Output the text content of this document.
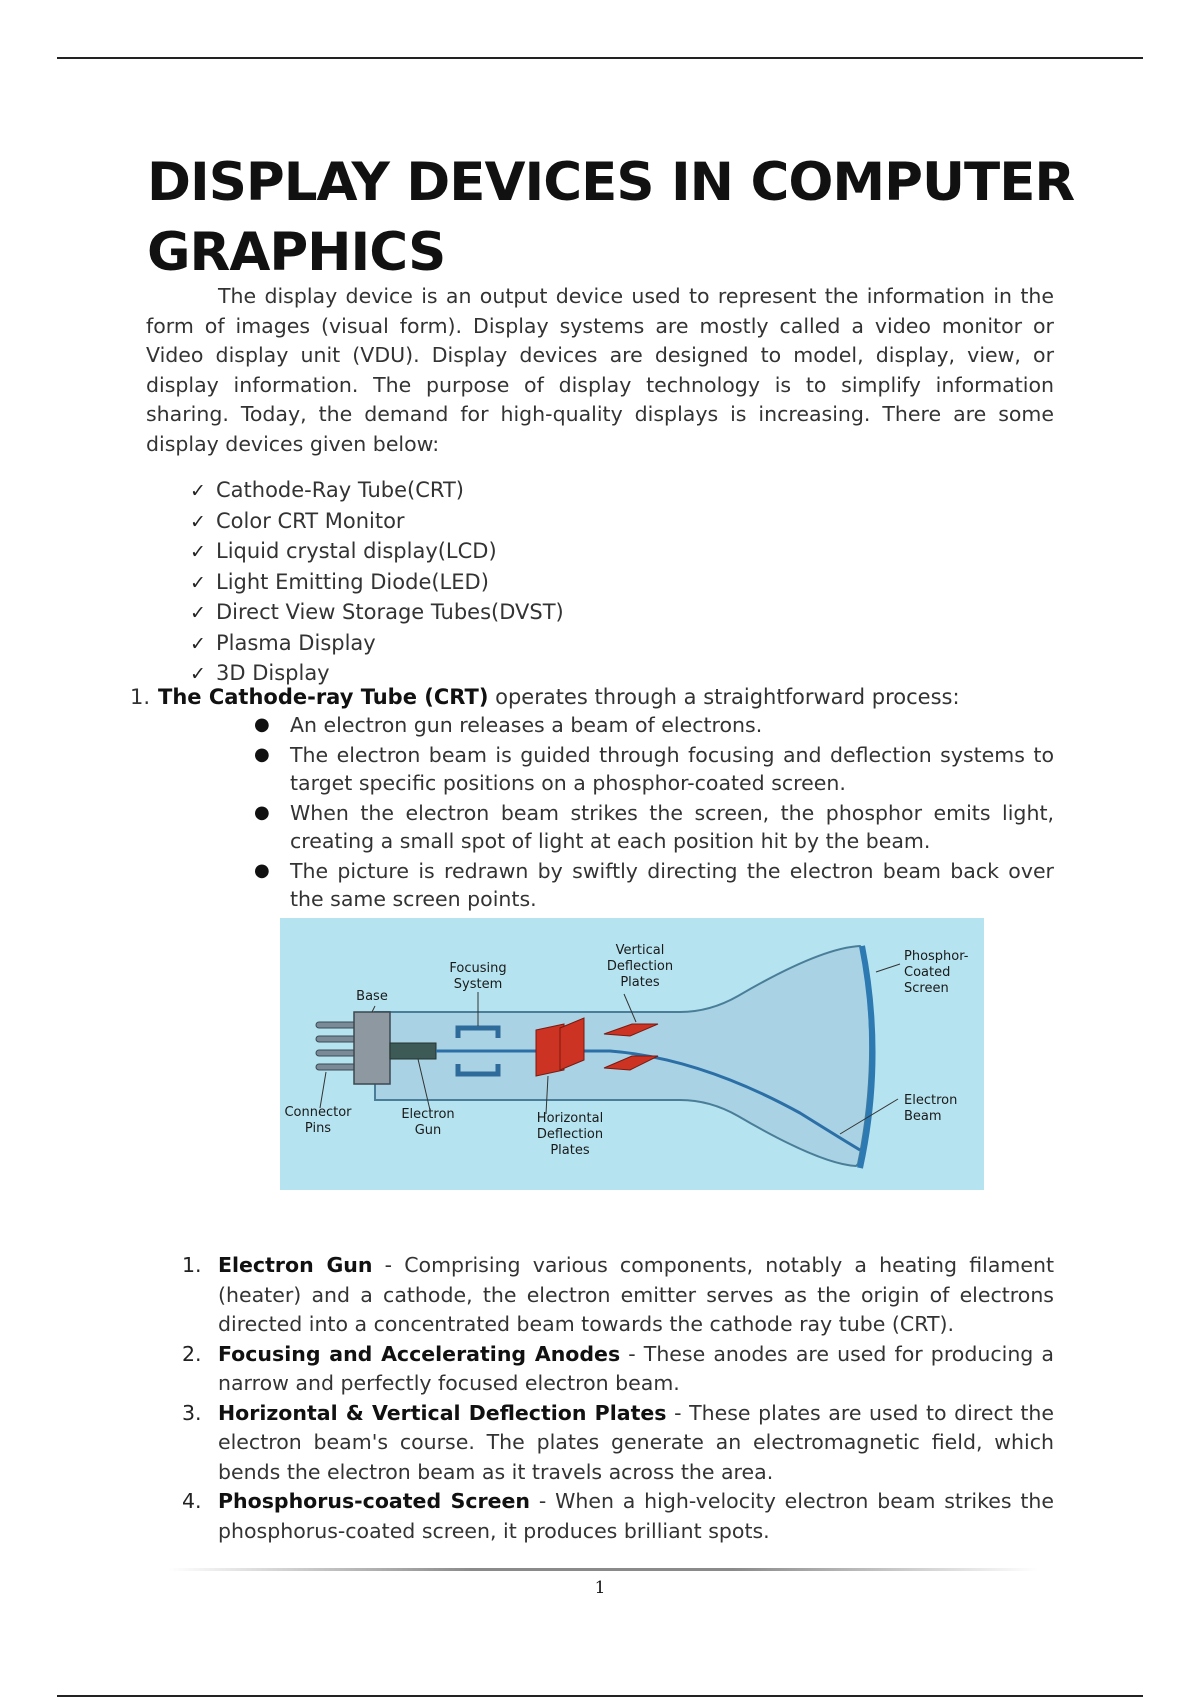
DISPLAY DEVICES IN COMPUTER GRAPHICS

The display device is an output device used to represent the information in the form of images (visual form). Display systems are mostly called a video monitor or Video display unit (VDU). Display devices are designed to model, display, view, or display information. The purpose of display technology is to simplify information sharing. Today, the demand for high-quality displays is increasing. There are some display devices given below:

✓ Cathode-Ray Tube(CRT)
✓ Color CRT Monitor
✓ Liquid crystal display(LCD)
✓ Light Emitting Diode(LED)
✓ Direct View Storage Tubes(DVST)
✓ Plasma Display
✓ 3D Display

1. The Cathode-ray Tube (CRT) operates through a straightforward process:

● An electron gun releases a beam of electrons.
● The electron beam is guided through focusing and deflection systems to target specific positions on a phosphor-coated screen.
● When the electron beam strikes the screen, the phosphor emits light, creating a small spot of light at each position hit by the beam.
● The picture is redrawn by swiftly directing the electron beam back over the same screen points.
Base
Focusing
System
Vertical
Deflection
Plates
Connector
Pins
Electron
Gun
Horizontal
Deflection
Plates
Phosphor-
Coated
Screen
Electron
Beam
1. Electron Gun - Comprising various components, notably a heating filament (heater) and a cathode, the electron emitter serves as the origin of electrons directed into a concentrated beam towards the cathode ray tube (CRT).
2. Focusing and Accelerating Anodes - These anodes are used for producing a narrow and perfectly focused electron beam.
3. Horizontal & Vertical Deflection Plates - These plates are used to direct the electron beam's course. The plates generate an electromagnetic field, which bends the electron beam as it travels across the area.
4. Phosphorus-coated Screen - When a high-velocity electron beam strikes the phosphorus-coated screen, it produces brilliant spots.
1
